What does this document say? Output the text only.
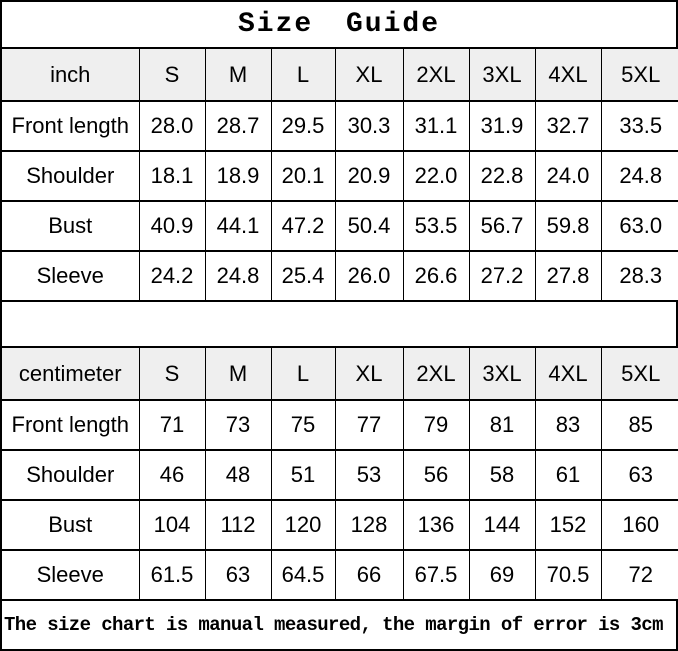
Size Guide
inch	S	M	L	XL	2XL	3XL	4XL	5XL
Front length	28.0	28.7	29.5	30.3	31.1	31.9	32.7	33.5
Shoulder	18.1	18.9	20.1	20.9	22.0	22.8	24.0	24.8
Bust	40.9	44.1	47.2	50.4	53.5	56.7	59.8	63.0
Sleeve	24.2	24.8	25.4	26.0	26.6	27.2	27.8	28.3
centimeter	S	M	L	XL	2XL	3XL	4XL	5XL
Front length	71	73	75	77	79	81	83	85
Shoulder	46	48	51	53	56	58	61	63
Bust	104	112	120	128	136	144	152	160
Sleeve	61.5	63	64.5	66	67.5	69	70.5	72
The size chart is manual measured, the margin of error is 3cm
